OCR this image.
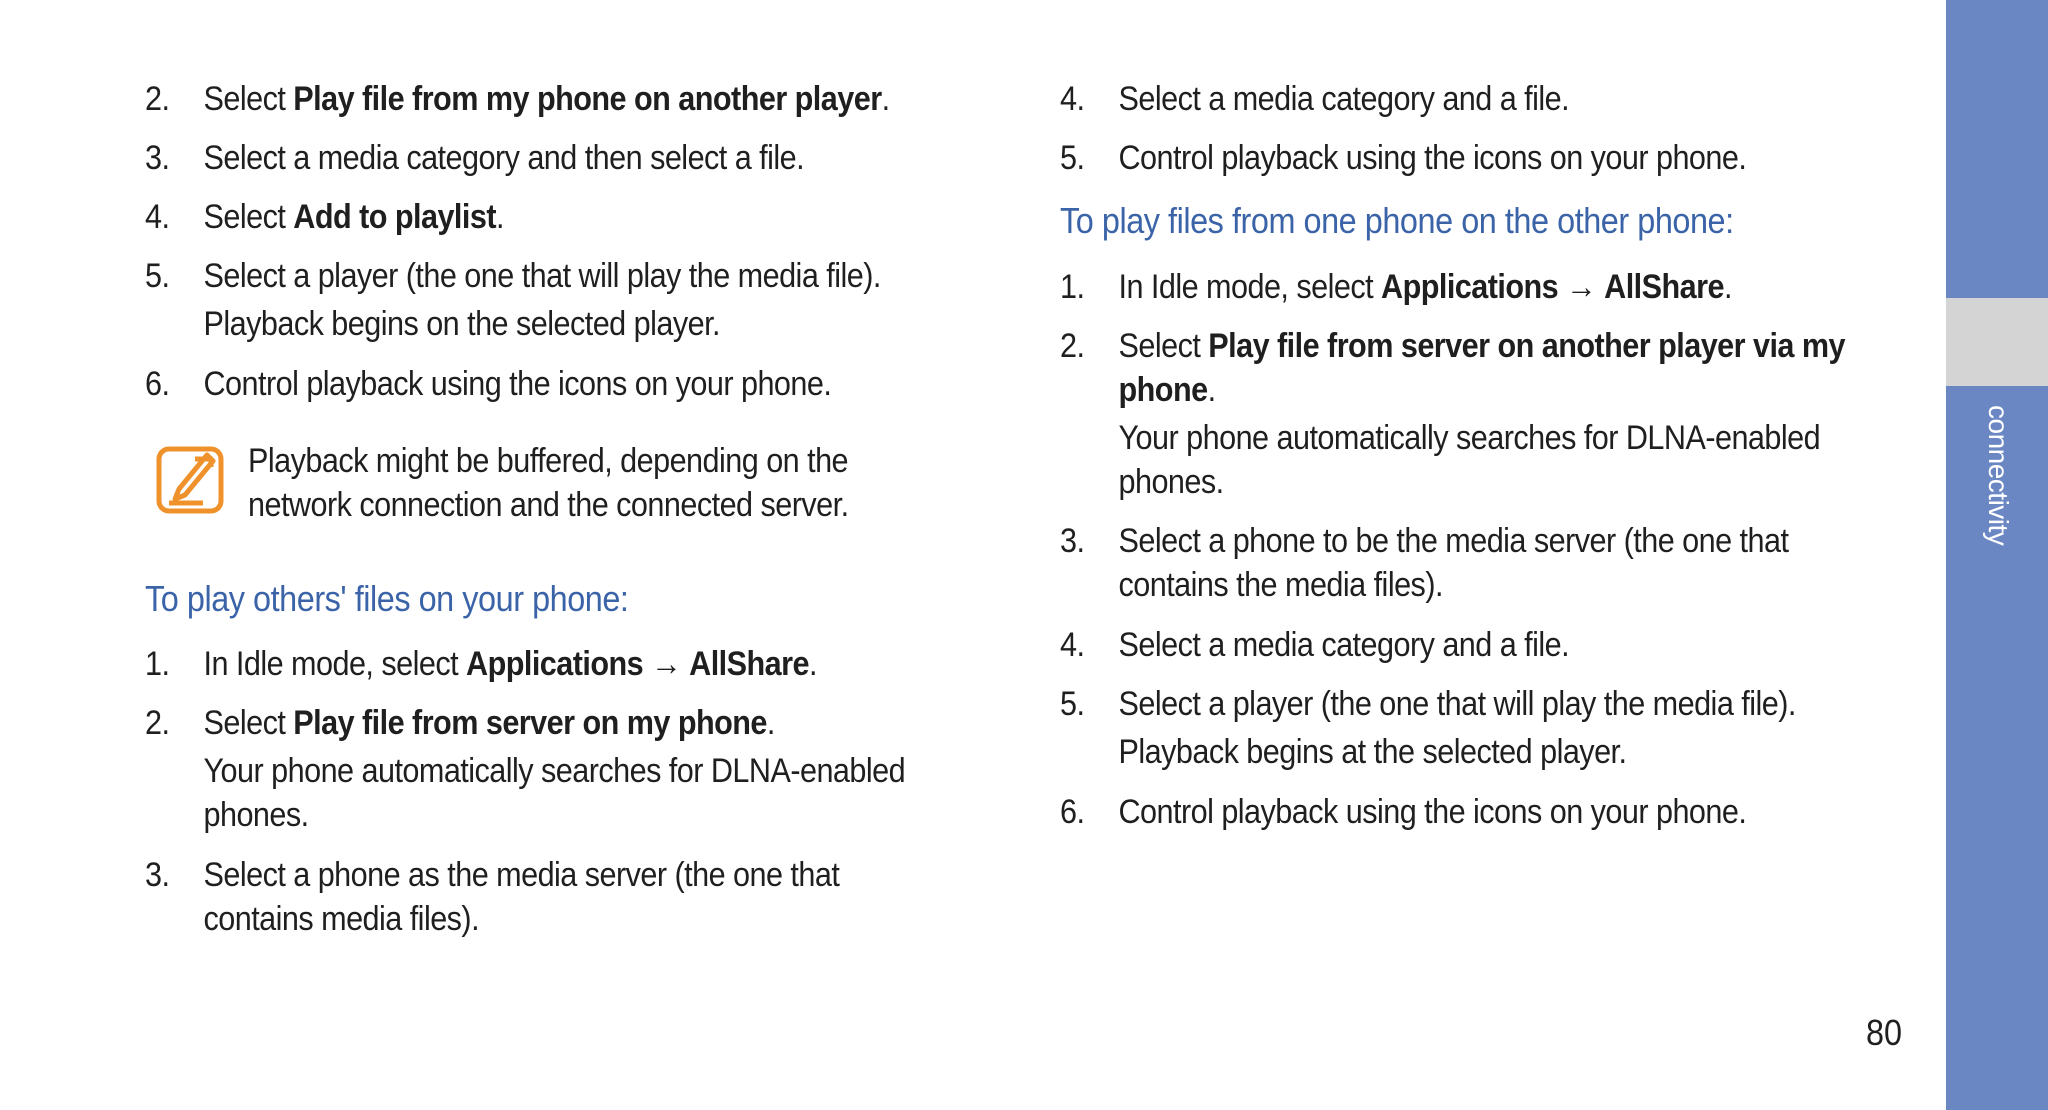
2. Select Play file from my phone on another player.
3. Select a media category and then select a file.
4. Select Add to playlist.
5. Select a player (the one that will play the media file).
Playback begins on the selected player.
6. Control playback using the icons on your phone.
Playback might be buffered, depending on the
network connection and the connected server.
To play others' files on your phone:
1. In Idle mode, select Applications → AllShare.
2. Select Play file from server on my phone.
Your phone automatically searches for DLNA-enabled
phones.
3. Select a phone as the media server (the one that
contains media files).
4. Select a media category and a file.
5. Control playback using the icons on your phone.
To play files from one phone on the other phone:
1. In Idle mode, select Applications → AllShare.
2. Select Play file from server on another player via my
phone.
Your phone automatically searches for DLNA-enabled
phones.
3. Select a phone to be the media server (the one that
contains the media files).
4. Select a media category and a file.
5. Select a player (the one that will play the media file).
Playback begins at the selected player.
6. Control playback using the icons on your phone.
connectivity
80
